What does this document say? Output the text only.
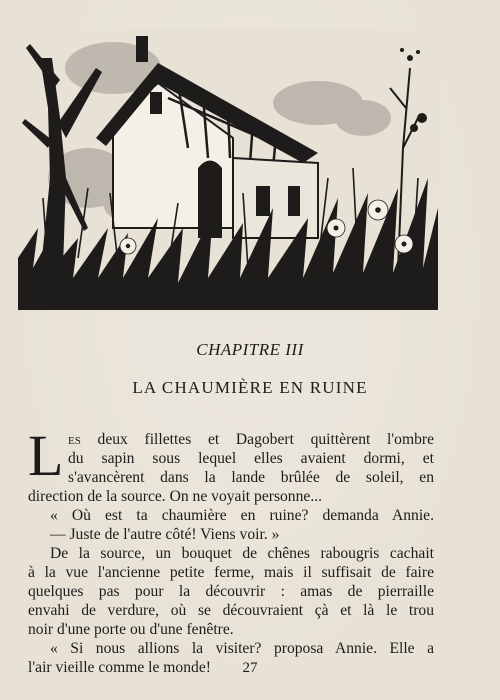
CHAPITRE III
LA CHAUMIÈRE EN RUINE
L es deux fillettes et Dagobert quittèrent l'ombre
du sapin sous lequel elles avaient dormi, et
s'avancèrent dans la lande brûlée de soleil, en
direction de la source. On ne voyait personne...
« Où est ta chaumière en ruine? demanda Annie.
— Juste de l'autre côté! Viens voir. »
De la source, un bouquet de chênes rabougris cachait
à la vue l'ancienne petite ferme, mais il suffisait de faire
quelques pas pour la découvrir : amas de pierraille
envahi de verdure, où se découvraient çà et là le trou
noir d'une porte ou d'une fenêtre.
« Si nous allions la visiter? proposa Annie. Elle a
l'air vieille comme le monde!	27
